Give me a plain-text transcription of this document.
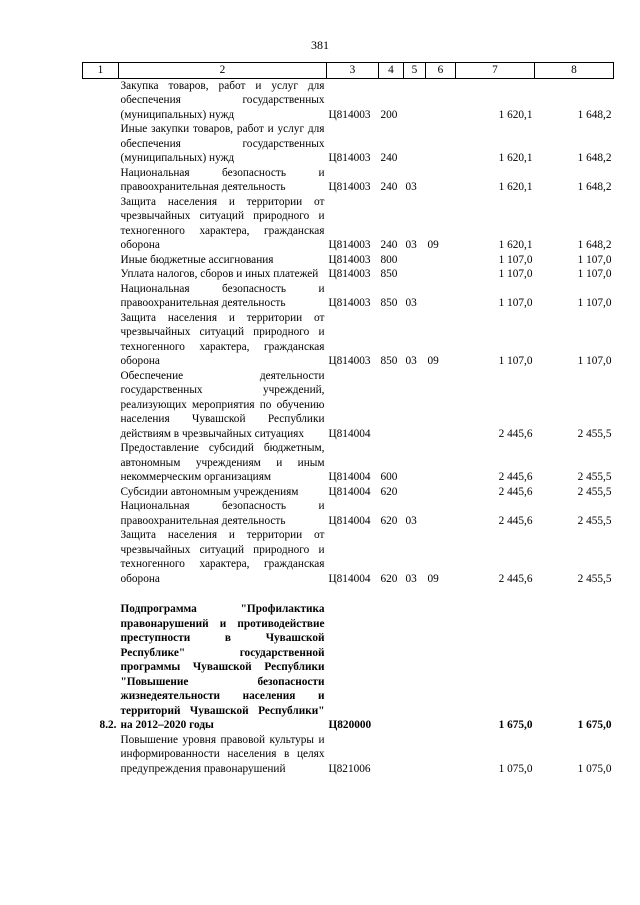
381
1	2	3	4	5	6	7	8
	Закупка товаров, работ и услуг для обеспечения государственных (муниципальных) нужд	Ц814003	200			1 620,1	1 648,2
	Иные закупки товаров, работ и услуг для обеспечения государственных (муниципальных) нужд	Ц814003	240			1 620,1	1 648,2
	Национальная безопасность и правоохранительная деятельность	Ц814003	240	03		1 620,1	1 648,2
	Защита населения и территории от чрезвычайных ситуаций природного и техногенного характера, гражданская оборона	Ц814003	240	03	09	1 620,1	1 648,2
	Иные бюджетные ассигнования	Ц814003	800			1 107,0	1 107,0
	Уплата налогов, сборов и иных платежей	Ц814003	850			1 107,0	1 107,0
	Национальная безопасность и правоохранительная деятельность	Ц814003	850	03		1 107,0	1 107,0
	Защита населения и территории от чрезвычайных ситуаций природного и техногенного характера, гражданская оборона	Ц814003	850	03	09	1 107,0	1 107,0
	Обеспечение деятельности государственных учреждений, реализующих мероприятия по обучению населения Чувашской Республики действиям в чрезвычайных ситуациях	Ц814004				2 445,6	2 455,5
	Предоставление субсидий бюджетным, автономным учреждениям и иным некоммерческим организациям	Ц814004	600			2 445,6	2 455,5
	Субсидии автономным учреждениям	Ц814004	620			2 445,6	2 455,5
	Национальная безопасность и правоохранительная деятельность	Ц814004	620	03		2 445,6	2 455,5
	Защита населения и территории от чрезвычайных ситуаций природного и техногенного характера, гражданская оборона	Ц814004	620	03	09	2 445,6	2 455,5

8.2.	Подпрограмма "Профилактика правонарушений и противодействие преступности в Чувашской Республике" государственной программы Чувашской Республики "Повышение безопасности жизнедеятельности населения и территорий Чувашской Республики" на 2012–2020 годы	Ц820000				1 675,0	1 675,0
	Повышение уровня правовой культуры и информированности населения в целях предупреждения правонарушений	Ц821006				1 075,0	1 075,0
